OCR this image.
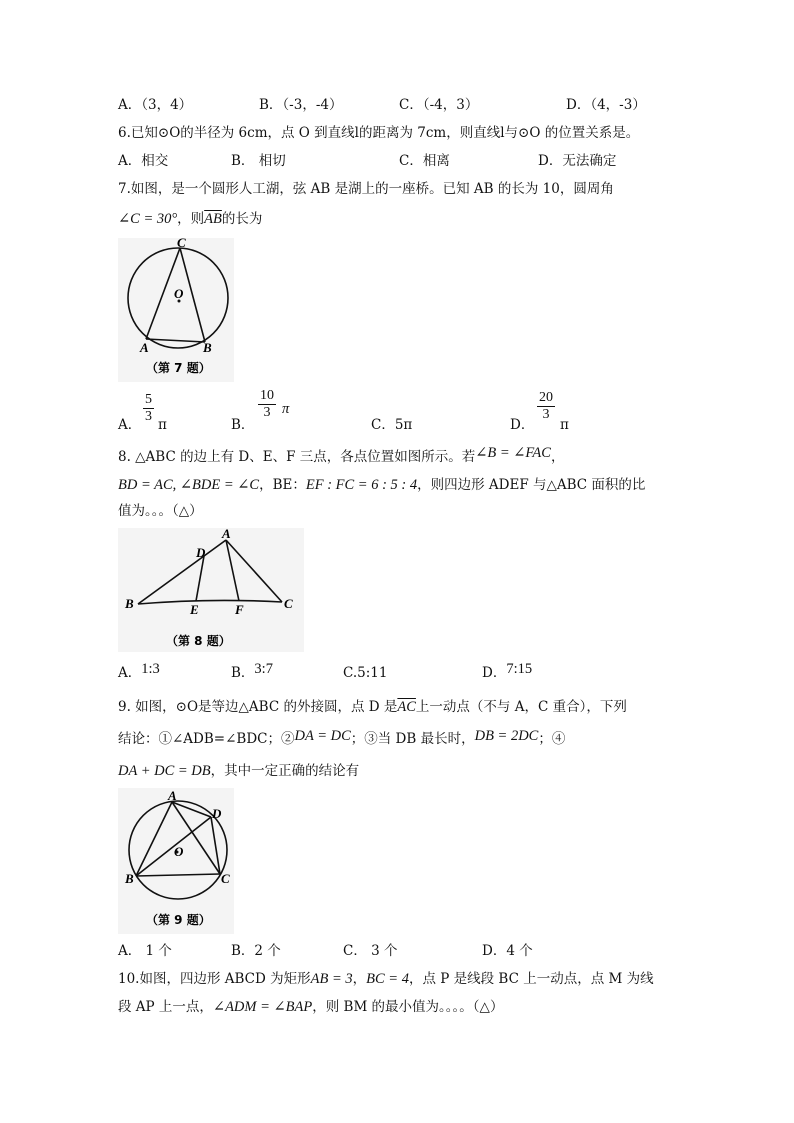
A．（3，4）	B．（-3，-4）	C．（-4，3）	D．（4，-3）
6.已知⊙O的半径为 6cm，点 O 到直线l的距离为 7cm，则直线l与⊙O 的位置关系是。
A．相交	B． 相切	C．相离	D．无法确定
7.如图，是一个圆形人工湖，弦 AB 是湖上的一座桥。已知 AB 的长为 10，圆周角
∠C = 30°，则$\overline{AB}$的长为
C
O
A	B
（第 7 题）
A． $\frac{5}{3}$ π	B．
$\frac{10}{3}$ π
C．5π	D．
$\frac{20}{3}$
π
8. △ABC 的边上有 D、E、F 三点，各点位置如图所示。若∠B = ∠FAC，
BD = AC, ∠BDE = ∠C，BE：EF : FC = 6 : 5 : 4，则四边形 ADEF 与△ABC 面积的比
值为。。。（△）
D
A
B	E	F	C
（第 8 题）
A．1:3	B．3:7	C.5:11	D．7:15
9. 如图，⊙O是等边△ABC 的外接圆，点 D 是$\overline{AC}$上一动点（不与 A，C 重合），下列
结论：①∠ADB=∠BDC；②DA = DC；③当 DB 最长时，DB = 2DC；④
DA + DC = DB，其中一定正确的结论有
A
D
O
B	C
（第 9 题）
A． 1 个	B．2 个	C． 3 个	D．4 个
10.如图，四边形 ABCD 为矩形AB = 3，BC = 4，点 P 是线段 BC 上一动点，点 M 为线
段 AP 上一点，∠ADM = ∠BAP，则 BM 的最小值为。。。。（△）
